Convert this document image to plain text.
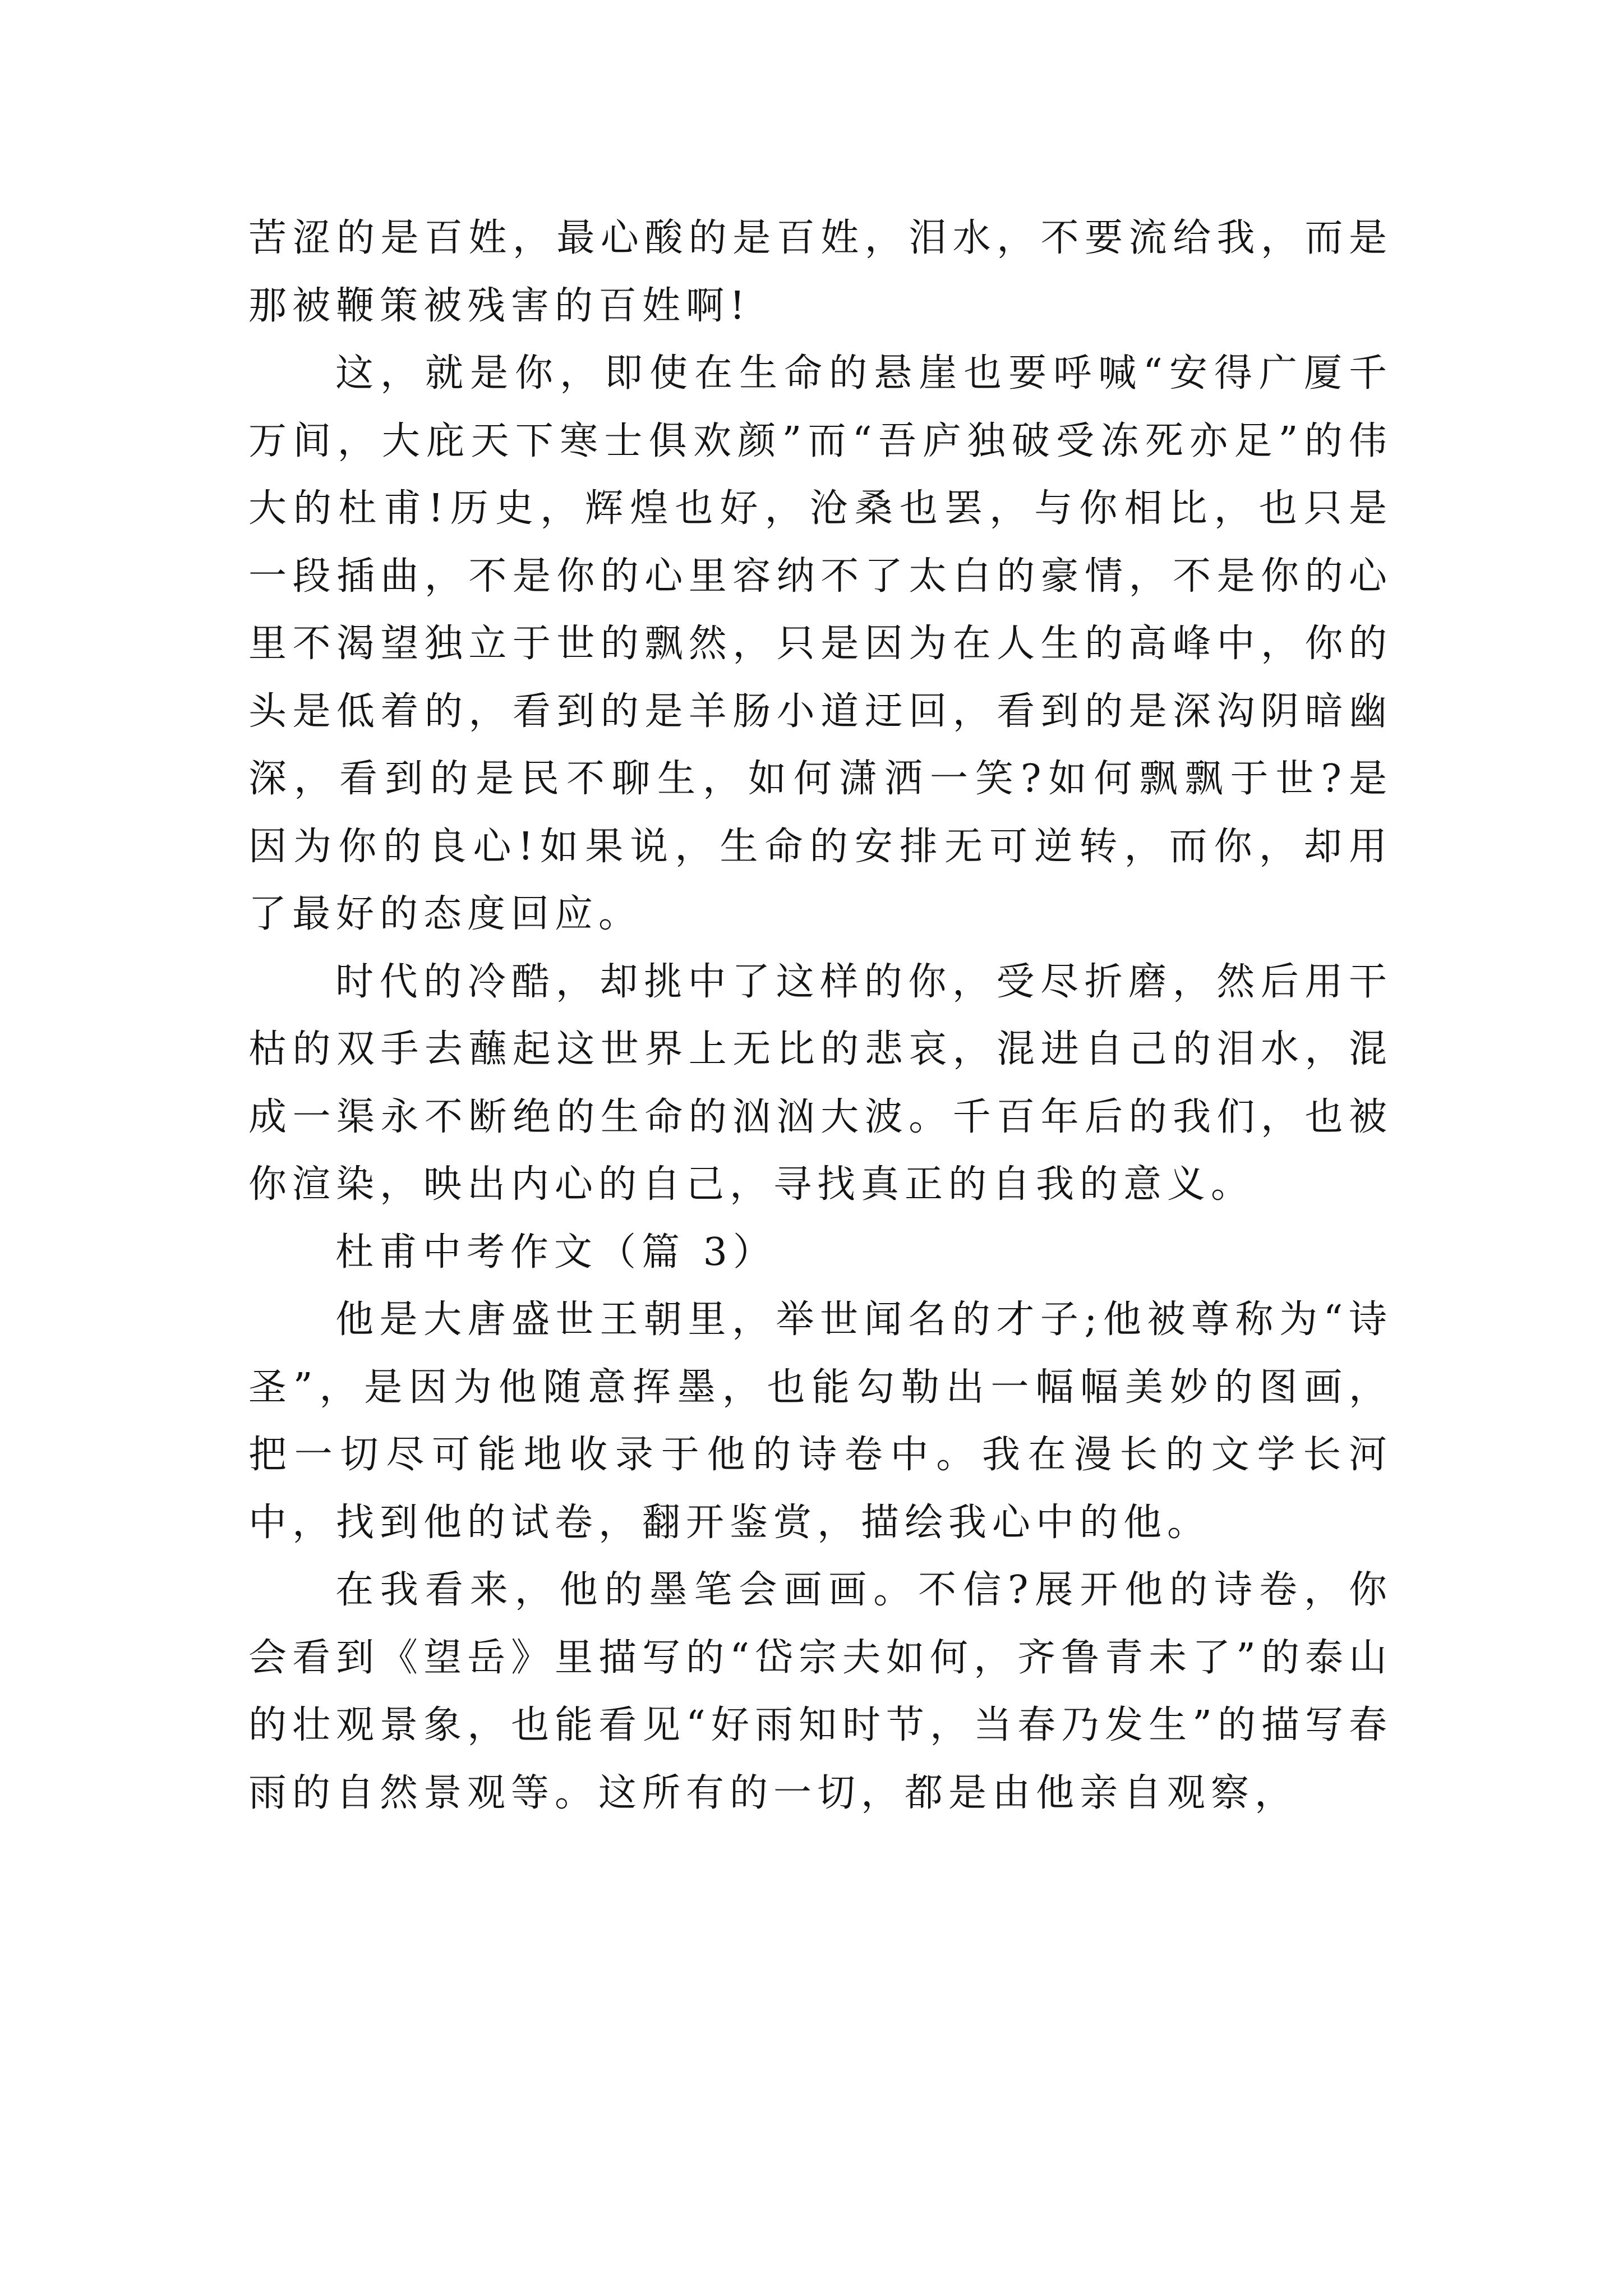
苦涩的是百姓，最心酸的是百姓，泪水，不要流给我，而是那被鞭策被残害的百姓啊!

这，就是你，即使在生命的悬崖也要呼喊“安得广厦千万间，大庇天下寒士俱欢颜”而“吾庐独破受冻死亦足”的伟大的杜甫!历史，辉煌也好，沧桑也罢，与你相比，也只是一段插曲，不是你的心里容纳不了太白的豪情，不是你的心里不渴望独立于世的飘然，只是因为在人生的高峰中，你的头是低着的，看到的是羊肠小道迂回，看到的是深沟阴暗幽深，看到的是民不聊生，如何潇洒一笑?如何飘飘于世?是因为你的良心!如果说，生命的安排无可逆转，而你，却用了最好的态度回应。

时代的冷酷，却挑中了这样的你，受尽折磨，然后用干枯的双手去蘸起这世界上无比的悲哀，混进自己的泪水，混成一渠永不断绝的生命的汹汹大波。千百年后的我们，也被你渲染，映出内心的自己，寻找真正的自我的意义。

杜甫中考作文（篇 3）

他是大唐盛世王朝里，举世闻名的才子;他被尊称为“诗圣”，是因为他随意挥墨，也能勾勒出一幅幅美妙的图画，把一切尽可能地收录于他的诗卷中。我在漫长的文学长河中，找到他的试卷，翻开鉴赏，描绘我心中的他。

在我看来，他的墨笔会画画。不信?展开他的诗卷，你会看到《望岳》里描写的“岱宗夫如何，齐鲁青未了”的泰山的壮观景象，也能看见“好雨知时节，当春乃发生”的描写春雨的自然景观等。这所有的一切，都是由他亲自观察，
